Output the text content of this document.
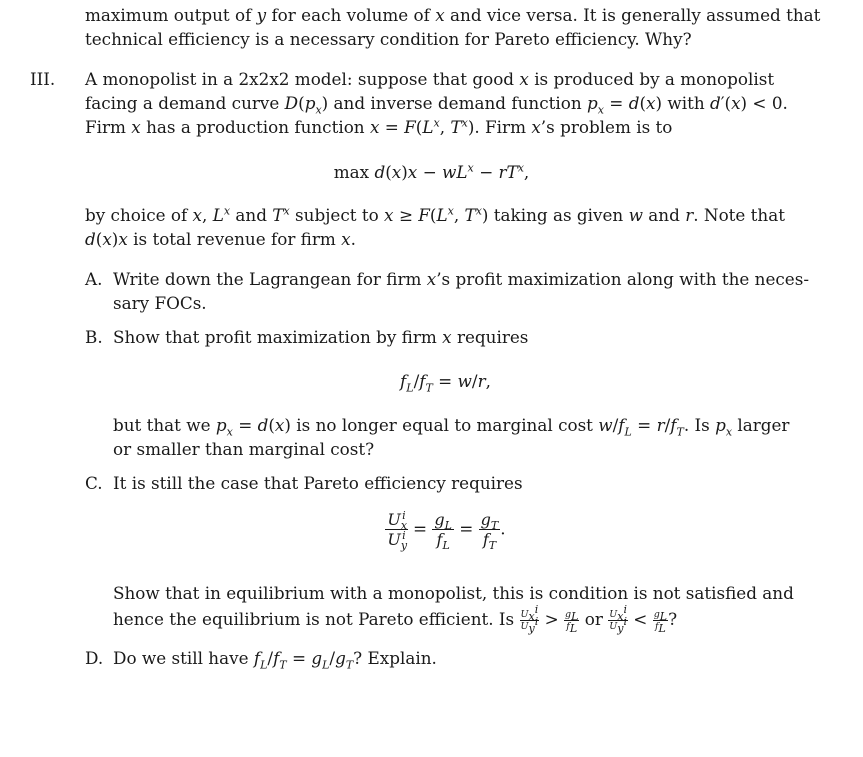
maximum output of y for each volume of x and vice versa. It is generally assumed that
technical efficiency is a necessary condition for Pareto efficiency. Why?
III. A monopolist in a 2x2x2 model: suppose that good x is produced by a monopolist
facing a demand curve $D(p_x)$ and inverse demand function $p_x = d(x)$ with d′(x) < 0.
Firm x has a production function $x = F(L^x$, $T^x$). Firm x’s problem is to
$\max d(x)x - wL^x - rT^x$,
by choice of x, $L^x$ and $T^x$ subject to $x \ge F(L^x$, $T^x$) taking as given w and r. Note that
d(x)x is total revenue for firm x.
A. Write down the Lagrangean for firm x’s profit maximization along with the neces-
sary FOCs.
B. Show that profit maximization by firm x requires
$f_L/f_T = w/r$,
but that we $p_x = d(x)$ is no longer equal to marginal cost $w/f_L = r/f_T$. Is $p_x$ larger
or smaller than marginal cost?
C. It is still the case that Pareto efficiency requires
$\frac{U_x^i}{U_y^i} = \frac{g_L}{f_L} = \frac{g_T}{f_T}$ .
Show that in equilibrium with a monopolist, this is condition is not satisfied and
hence the equilibrium is not Pareto efficient. Is $\frac{U_x^i}{U_y^i} > \frac{g_L}{f_L}$ or $\frac{U_x^i}{U_y^i} < \frac{g_L}{f_L}$ ?
D. Do we still have $f_L/f_T = g_L/g_T$? Explain.
